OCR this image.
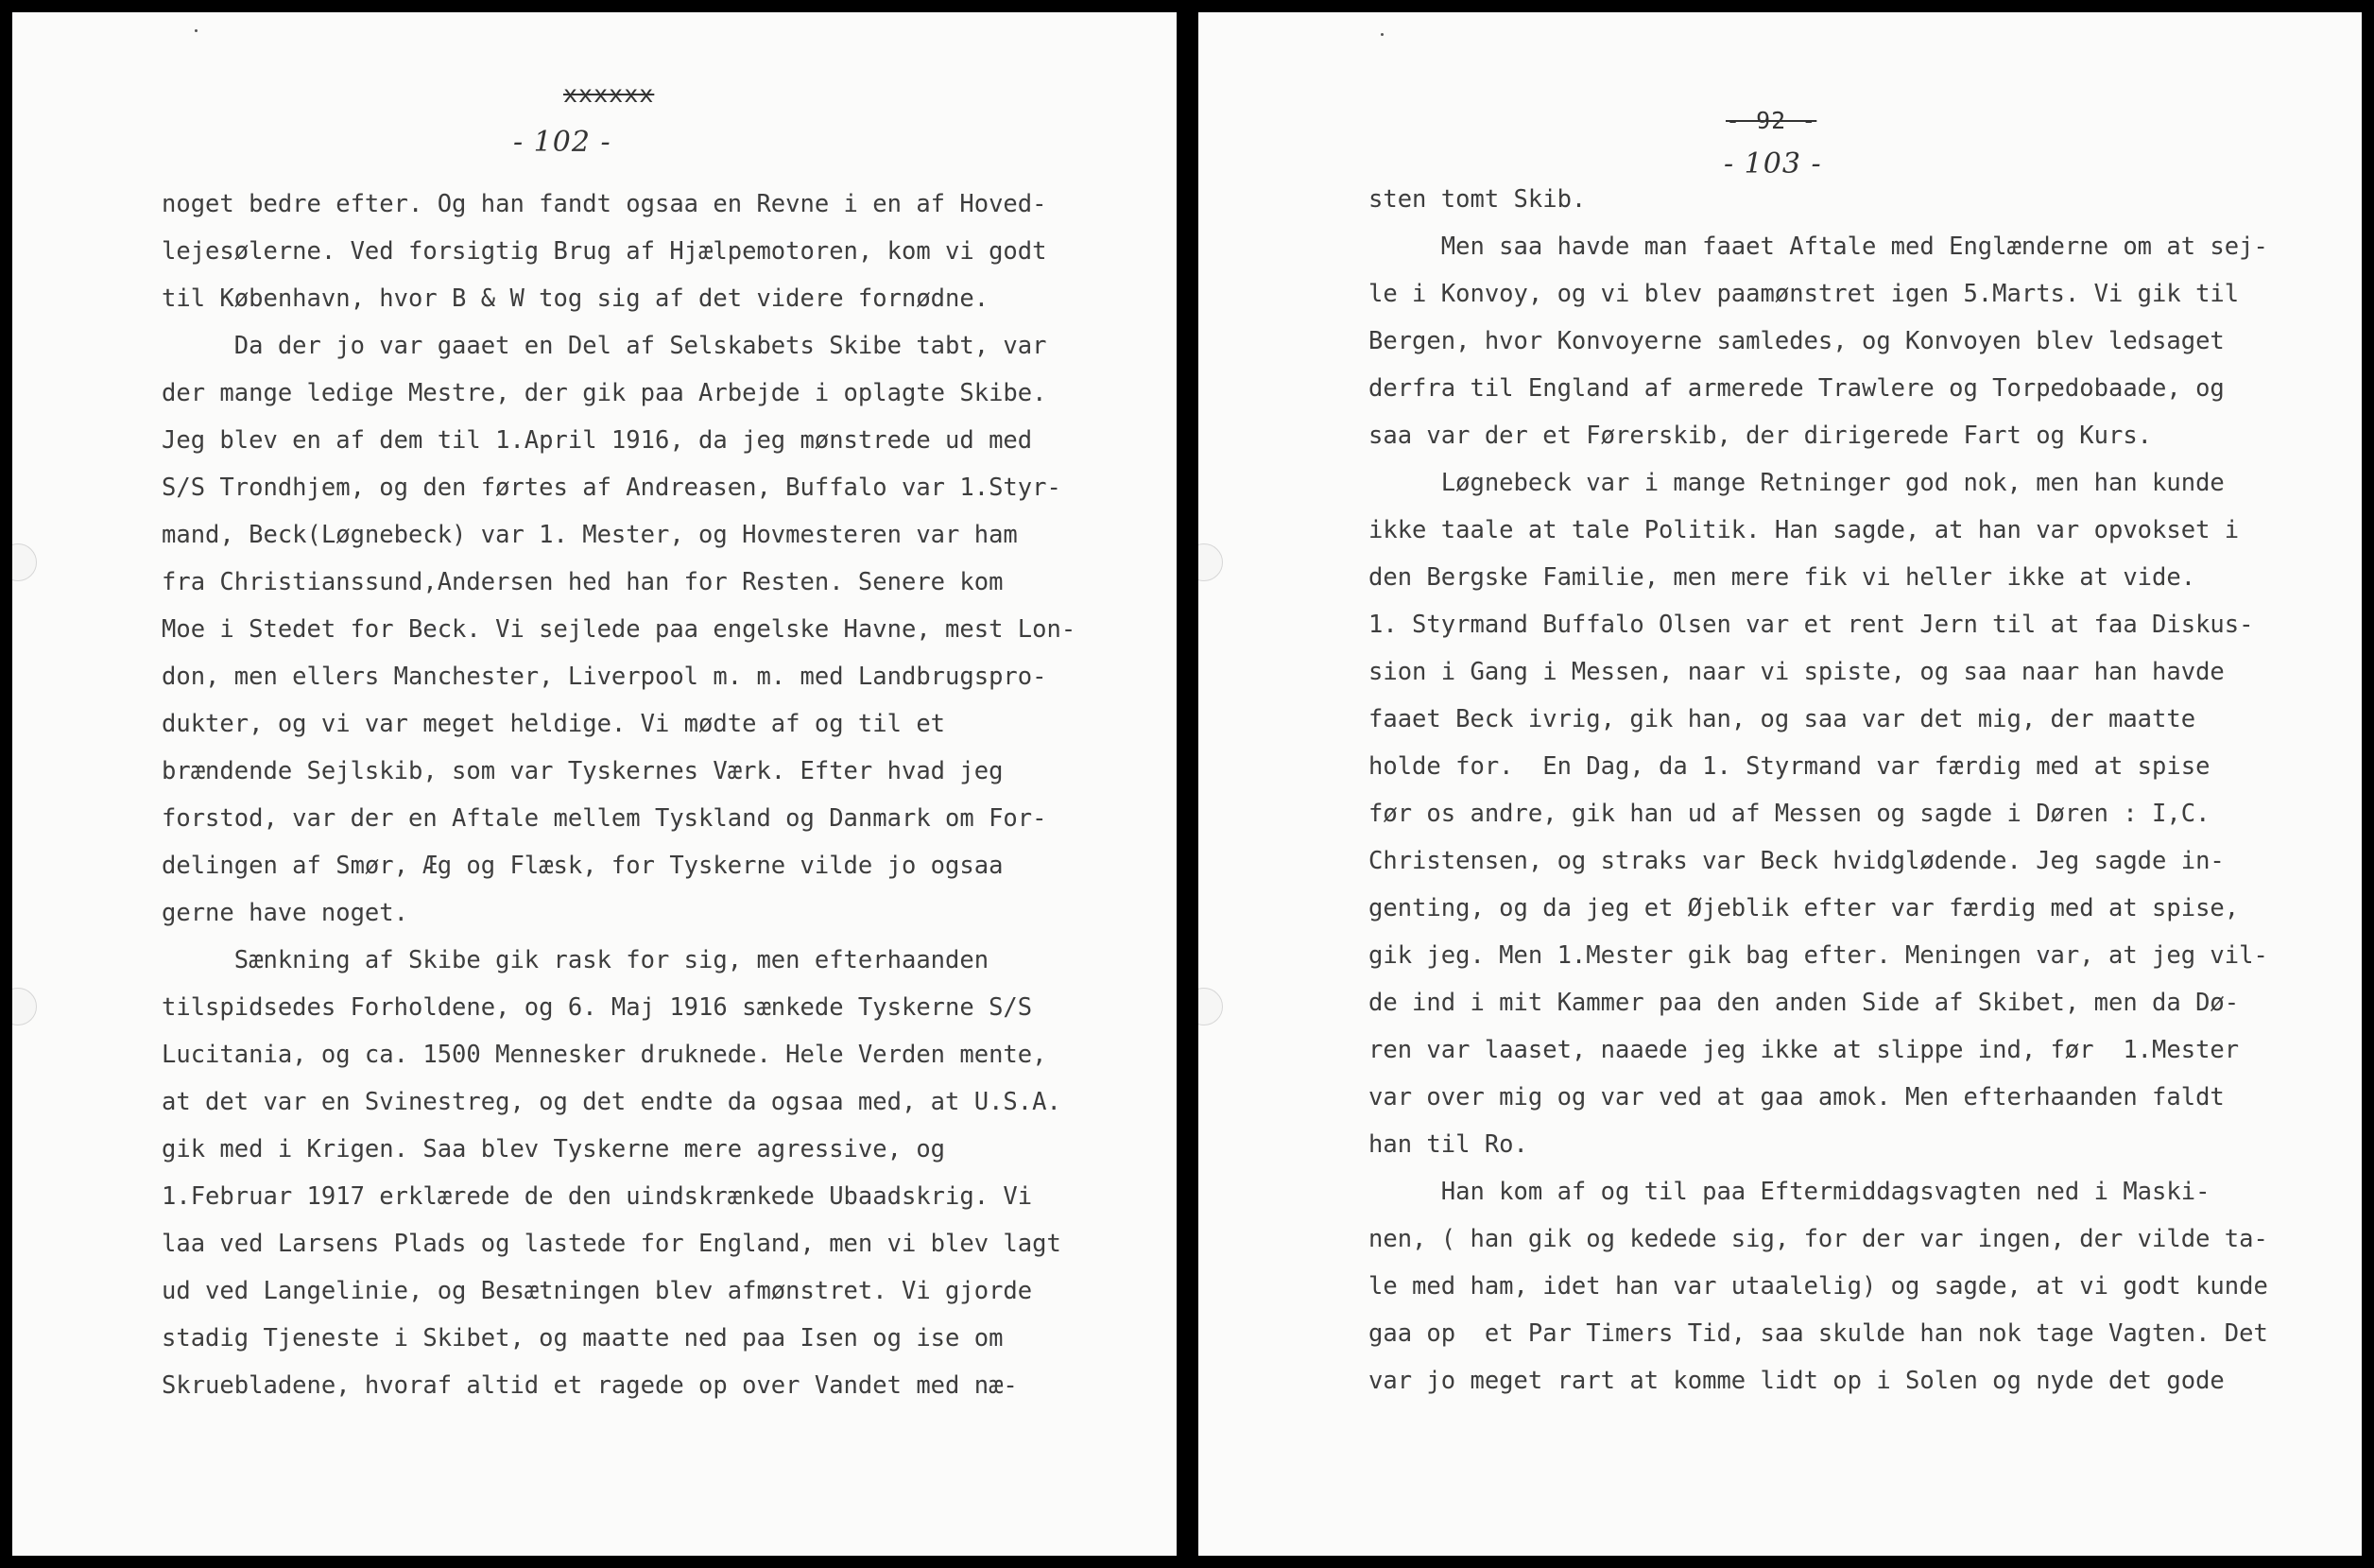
xxxxxx
- 102 -
noget bedre efter. Og han fandt ogsaa en Revne i en af Hoved-
lejesølerne. Ved forsigtig Brug af Hjælpemotoren, kom vi godt
til København, hvor B & W tog sig af det videre fornødne.
Da der jo var gaaet en Del af Selskabets Skibe tabt, var
der mange ledige Mestre, der gik paa Arbejde i oplagte Skibe.
Jeg blev en af dem til 1.April 1916, da jeg mønstrede ud med
S/S Trondhjem, og den førtes af Andreasen, Buffalo var 1.Styr-
mand, Beck(Løgnebeck) var 1. Mester, og Hovmesteren var ham
fra Christianssund,Andersen hed han for Resten. Senere kom
Moe i Stedet for Beck. Vi sejlede paa engelske Havne, mest Lon-
don, men ellers Manchester, Liverpool m. m. med Landbrugspro-
dukter, og vi var meget heldige. Vi mødte af og til et
brændende Sejlskib, som var Tyskernes Værk. Efter hvad jeg
forstod, var der en Aftale mellem Tyskland og Danmark om For-
delingen af Smør, Æg og Flæsk, for Tyskerne vilde jo ogsaa
gerne have noget.
Sænkning af Skibe gik rask for sig, men efterhaanden
tilspidsedes Forholdene, og 6. Maj 1916 sænkede Tyskerne S/S
Lucitania, og ca. 1500 Mennesker druknede. Hele Verden mente,
at det var en Svinestreg, og det endte da ogsaa med, at U.S.A.
gik med i Krigen. Saa blev Tyskerne mere agressive, og
1.Februar 1917 erklærede de den uindskrænkede Ubaadskrig. Vi
laa ved Larsens Plads og lastede for England, men vi blev lagt
ud ved Langelinie, og Besætningen blev afmønstret. Vi gjorde
stadig Tjeneste i Skibet, og maatte ned paa Isen og ise om
Skruebladene, hvoraf altid et ragede op over Vandet med næ-
- 92 -
- 103 -
sten tomt Skib.
Men saa havde man faaet Aftale med Englænderne om at sej-
le i Konvoy, og vi blev paamønstret igen 5.Marts. Vi gik til
Bergen, hvor Konvoyerne samledes, og Konvoyen blev ledsaget
derfra til England af armerede Trawlere og Torpedobaade, og
saa var der et Førerskib, der dirigerede Fart og Kurs.
Løgnebeck var i mange Retninger god nok, men han kunde
ikke taale at tale Politik. Han sagde, at han var opvokset i
den Bergske Familie, men mere fik vi heller ikke at vide.
1. Styrmand Buffalo Olsen var et rent Jern til at faa Diskus-
sion i Gang i Messen, naar vi spiste, og saa naar han havde
faaet Beck ivrig, gik han, og saa var det mig, der maatte
holde for.  En Dag, da 1. Styrmand var færdig med at spise
før os andre, gik han ud af Messen og sagde i Døren : I,C.
Christensen, og straks var Beck hvidglødende. Jeg sagde in-
genting, og da jeg et Øjeblik efter var færdig med at spise,
gik jeg. Men 1.Mester gik bag efter. Meningen var, at jeg vil-
de ind i mit Kammer paa den anden Side af Skibet, men da Dø-
ren var laaset, naaede jeg ikke at slippe ind, før  1.Mester
var over mig og var ved at gaa amok. Men efterhaanden faldt
han til Ro.
Han kom af og til paa Eftermiddagsvagten ned i Maski-
nen, ( han gik og kedede sig, for der var ingen, der vilde ta-
le med ham, idet han var utaalelig) og sagde, at vi godt kunde
gaa op  et Par Timers Tid, saa skulde han nok tage Vagten. Det
var jo meget rart at komme lidt op i Solen og nyde det gode
